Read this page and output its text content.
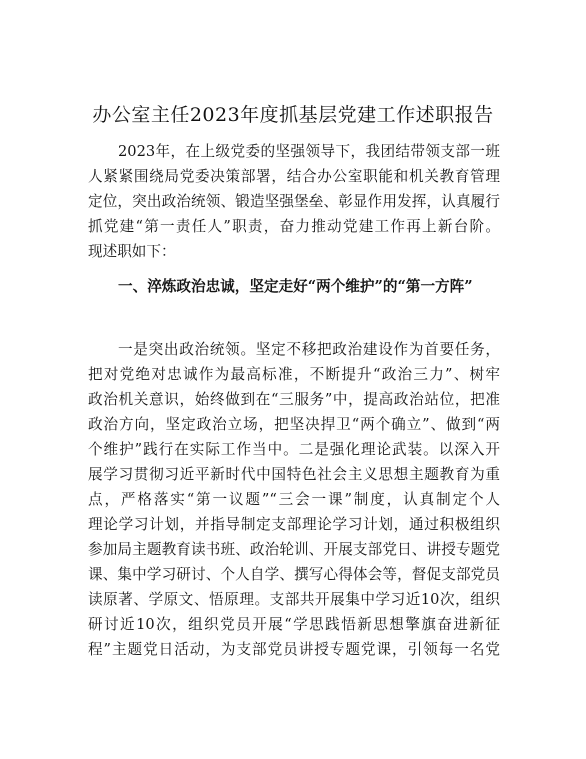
办公室主任2023年度抓基层党建工作述职报告
2023年，在上级党委的坚强领导下，我团结带领支部一班
人紧紧围绕局党委决策部署，结合办公室职能和机关教育管理
定位，突出政治统领、锻造坚强堡垒、彰显作用发挥，认真履行
抓党建“第一责任人”职责，奋力推动党建工作再上新台阶。
现述职如下：
一、淬炼政治忠诚，坚定走好“两个维护”的“第一方阵”
一是突出政治统领。坚定不移把政治建设作为首要任务，
把对党绝对忠诚作为最高标准，不断提升“政治三力”、树牢
政治机关意识，始终做到在“三服务”中，提高政治站位，把准
政治方向，坚定政治立场，把坚决捍卫“两个确立”、做到“两
个维护”践行在实际工作当中。二是强化理论武装。以深入开
展学习贯彻习近平新时代中国特色社会主义思想主题教育为重
点，严格落实“第一议题”“三会一课”制度，认真制定个人
理论学习计划，并指导制定支部理论学习计划，通过积极组织
参加局主题教育读书班、政治轮训、开展支部党日、讲授专题党
课、集中学习研讨、个人自学、撰写心得体会等，督促支部党员
读原著、学原文、悟原理。支部共开展集中学习近10次，组织
研讨近10次，组织党员开展“学思践悟新思想擎旗奋进新征
程”主题党日活动，为支部党员讲授专题党课，引领每一名党
